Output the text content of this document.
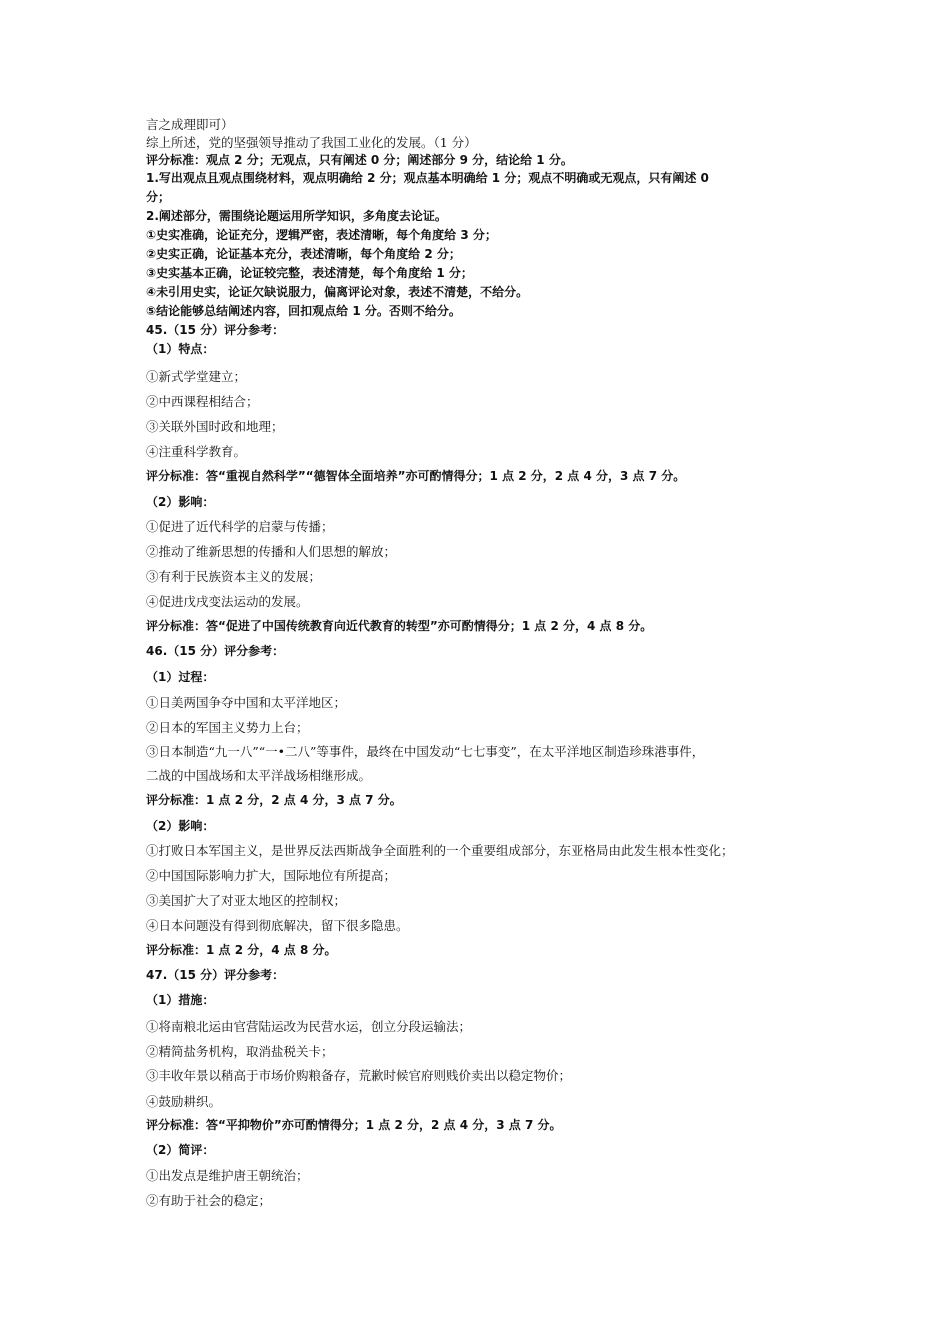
言之成理即可）
综上所述，党的坚强领导推动了我国工业化的发展。（1 分）
评分标准：观点 2 分；无观点，只有阐述 0 分；阐述部分 9 分，结论给 1 分。
1.写出观点且观点围绕材料，观点明确给 2 分；观点基本明确给 1 分；观点不明确或无观点，只有阐述 0
分；
2.阐述部分，需围绕论题运用所学知识，多角度去论证。
①史实准确，论证充分，逻辑严密，表述清晰，每个角度给 3 分；
②史实正确，论证基本充分，表述清晰，每个角度给 2 分；
③史实基本正确，论证较完整，表述清楚，每个角度给 1 分；
④未引用史实，论证欠缺说服力，偏离评论对象，表述不清楚，不给分。
⑤结论能够总结阐述内容，回扣观点给 1 分。否则不给分。
45.（15 分）评分参考：
（1）特点：
①新式学堂建立；
②中西课程相结合；
③关联外国时政和地理；
④注重科学教育。
评分标准：答“重视自然科学”“德智体全面培养”亦可酌情得分；1 点 2 分，2 点 4 分，3 点 7 分。
（2）影响：
①促进了近代科学的启蒙与传播；
②推动了维新思想的传播和人们思想的解放；
③有利于民族资本主义的发展；
④促进戊戌变法运动的发展。
评分标准：答“促进了中国传统教育向近代教育的转型”亦可酌情得分；1 点 2 分，4 点 8 分。
46.（15 分）评分参考：
（1）过程：
①日美两国争夺中国和太平洋地区；
②日本的军国主义势力上台；
③日本制造“九一八”“一•二八”等事件，最终在中国发动“七七事变”，在太平洋地区制造珍珠港事件，
二战的中国战场和太平洋战场相继形成。
评分标准：1 点 2 分，2 点 4 分，3 点 7 分。
（2）影响：
①打败日本军国主义，是世界反法西斯战争全面胜利的一个重要组成部分，东亚格局由此发生根本性变化；
②中国国际影响力扩大，国际地位有所提高；
③美国扩大了对亚太地区的控制权；
④日本问题没有得到彻底解决，留下很多隐患。
评分标准：1 点 2 分，4 点 8 分。
47.（15 分）评分参考：
（1）措施：
①将南粮北运由官营陆运改为民营水运，创立分段运输法；
②精简盐务机构，取消盐税关卡；
③丰收年景以稍高于市场价购粮备存，荒歉时候官府则贱价卖出以稳定物价；
④鼓励耕织。
评分标准：答“平抑物价”亦可酌情得分；1 点 2 分，2 点 4 分，3 点 7 分。
（2）简评：
①出发点是维护唐王朝统治；
②有助于社会的稳定；
